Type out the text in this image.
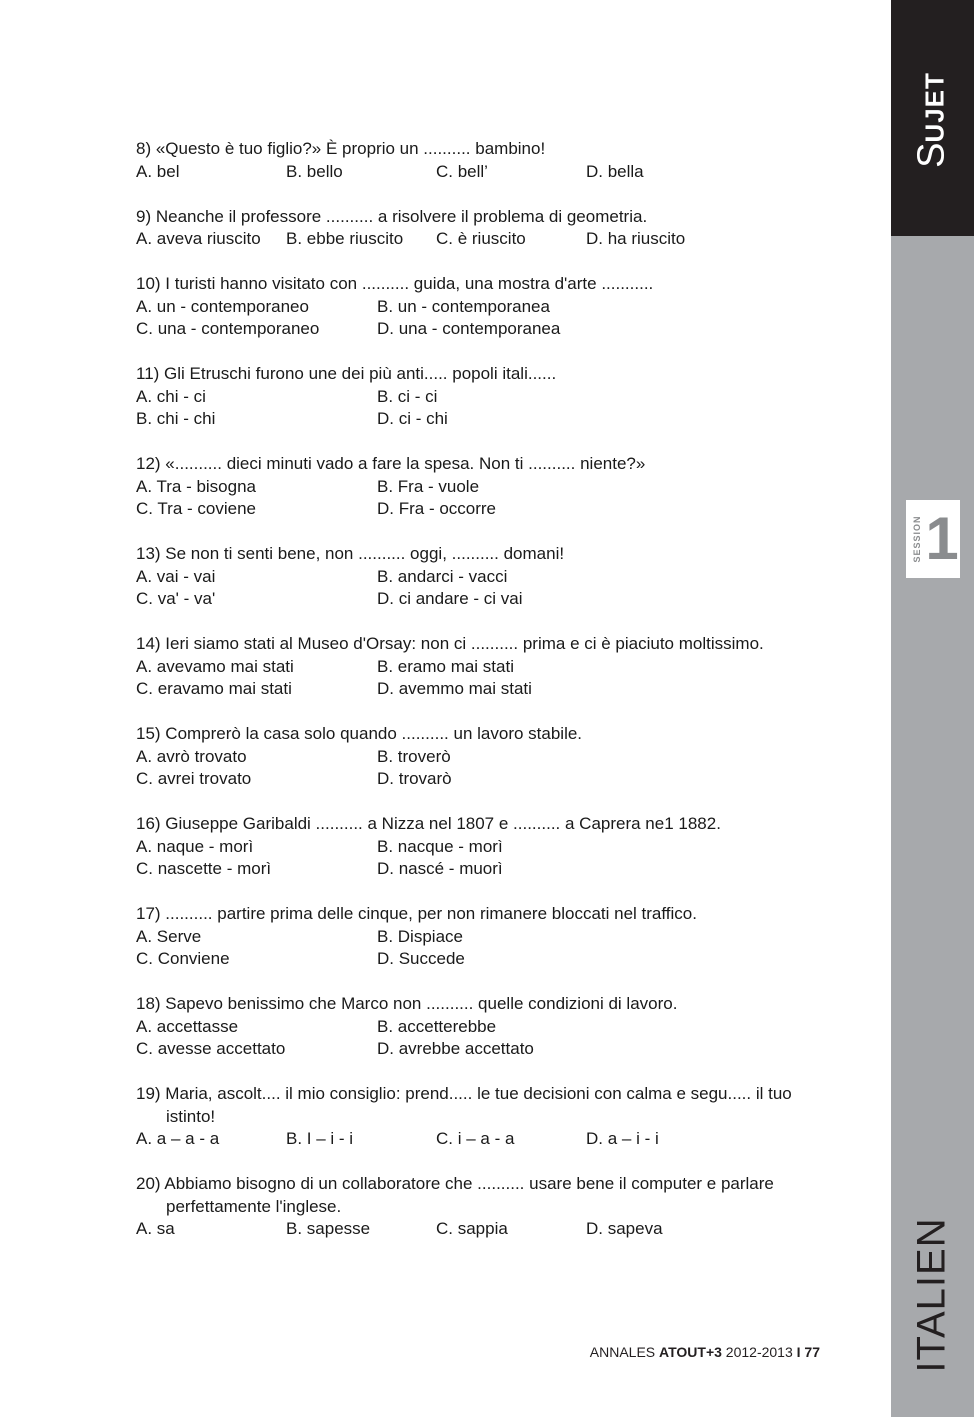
SUJET
SESSION 1
ITALIEN
8) «Questo è tuo figlio?» È proprio un .......... bambino!
A. bel	B. bello	C. bell’	D. bella
9) Neanche il professore .......... a risolvere il problema di geometria.
A. aveva riuscito	B. ebbe riuscito	C. è riuscito	D. ha riuscito
10) I turisti hanno visitato con .......... guida, una mostra d'arte ...........
A. un - contemporaneo	B. un - contemporanea
C. una - contemporaneo	D. una - contemporanea
11) Gli Etruschi furono une dei più anti..... popoli itali......
A. chi - ci	B. ci - ci
B. chi - chi	D. ci - chi
12) «.......... dieci minuti vado a fare la spesa. Non ti .......... niente?»
A. Tra - bisogna	B. Fra - vuole
C. Tra - coviene	D. Fra - occorre
13) Se non ti senti bene, non .......... oggi, .......... domani!
A. vai - vai	B. andarci - vacci
C. va' - va'	D. ci andare - ci vai
14) Ieri siamo stati al Museo d'Orsay: non ci .......... prima e ci è piaciuto moltissimo.
A. avevamo mai stati	B. eramo mai stati
C. eravamo mai stati	D. avemmo mai stati
15) Comprerò la casa solo quando .......... un lavoro stabile.
A. avrò trovato	B. troverò
C. avrei trovato	D. trovarò
16) Giuseppe Garibaldi .......... a Nizza nel 1807 e .......... a Caprera ne1 1882.
A. naque - morì	B. nacque - morì
C. nascette - morì	D. nascé - muorì
17) .......... partire prima delle cinque, per non rimanere bloccati nel traffico.
A. Serve	B. Dispiace
C. Conviene	D. Succede
18) Sapevo benissimo che Marco non .......... quelle condizioni di lavoro.
A. accettasse	B. accetterebbe
C. avesse accettato	D. avrebbe accettato
19) Maria, ascolt.... il mio consiglio: prend..... le tue decisioni con calma e segu..... il tuo istinto!
A. a – a - a	B. I – i - i	C. i – a - a	D. a – i - i
20) Abbiamo bisogno di un collaboratore che .......... usare bene il computer e parlare perfettamente l'inglese.
A. sa	B. sapesse	C. sappia	D. sapeva
ANNALES ATOUT+3 2012-2013 I 77
